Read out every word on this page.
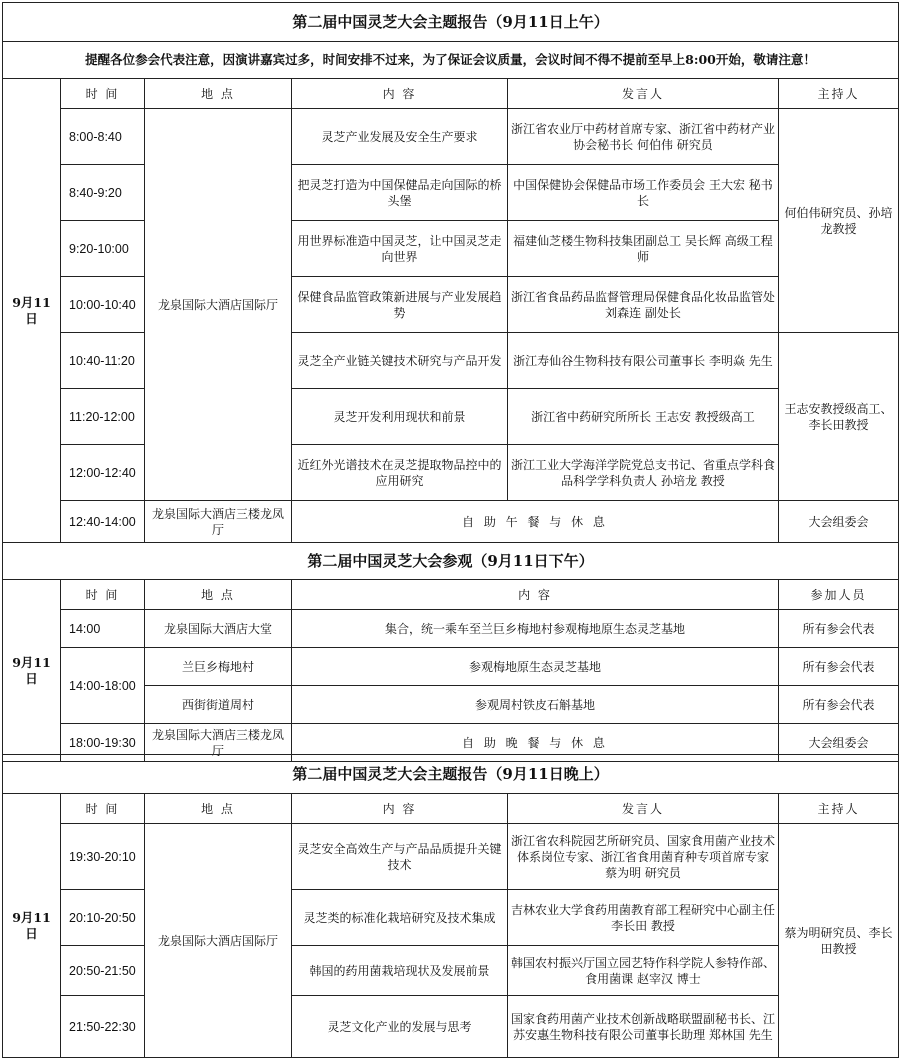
第二届中国灵芝大会主题报告（9月11日上午）					
提醒各位参会代表注意，因演讲嘉宾过多，时间安排不过来，为了保证会议质量，会议时间不得不提前至早上8:00开始，敬请注意！					
9月11日	时 间	地 点	内 容	发言人	主持人
	8:00-8:40	龙泉国际大酒店国际厅	灵芝产业发展及安全生产要求	浙江省农业厅中药材首席专家、浙江省中药材产业协会秘书长 何伯伟 研究员	何伯伟研究员、孙培龙教授
	8:40-9:20		把灵芝打造为中国保健品走向国际的桥头堡	中国保健协会保健品市场工作委员会 王大宏 秘书长	
	9:20-10:00		用世界标准造中国灵芝，让中国灵芝走向世界	福建仙芝楼生物科技集团副总工 吴长辉 高级工程师	
	10:00-10:40		保健食品监管政策新进展与产业发展趋势	浙江省食品药品监督管理局保健食品化妆品监管处 刘森连 副处长	
	10:40-11:20		灵芝全产业链关键技术研究与产品开发	浙江寿仙谷生物科技有限公司董事长 李明焱 先生	王志安教授级高工、李长田教授
	11:20-12:00		灵芝开发利用现状和前景	浙江省中药研究所所长 王志安 教授级高工	
	12:00-12:40		近红外光谱技术在灵芝提取物品控中的应用研究	浙江工业大学海洋学院党总支书记、省重点学科食品科学学科负责人 孙培龙 教授	
	12:40-14:00	龙泉国际大酒店三楼龙凤厅	自 助 午 餐 与 休 息		大会组委会
第二届中国灵芝大会参观（9月11日下午）				
9月11日	时 间	地 点	内 容	参加人员
	14:00	龙泉国际大酒店大堂	集合，统一乘车至兰巨乡梅地村参观梅地原生态灵芝基地	所有参会代表
	14:00-18:00	兰巨乡梅地村	参观梅地原生态灵芝基地	所有参会代表
		西街街道周村	参观周村铁皮石斛基地	所有参会代表
	18:00-19:30	龙泉国际大酒店三楼龙凤厅	自 助 晚 餐 与 休 息	大会组委会
第二届中国灵芝大会主题报告（9月11日晚上）					
9月11日	时 间	地 点	内 容	发言人	主持人
	19:30-20:10	龙泉国际大酒店国际厅	灵芝安全高效生产与产品品质提升关键技术	浙江省农科院园艺所研究员、国家食用菌产业技术体系岗位专家、浙江省食用菌育种专项首席专家 蔡为明 研究员	蔡为明研究员、李长田教授
	20:10-20:50		灵芝类的标准化栽培研究及技术集成	吉林农业大学食药用菌教育部工程研究中心副主任 李长田 教授	
	20:50-21:50		韩国的药用菌栽培现状及发展前景	韩国农村振兴厅国立园艺特作科学院人参特作部、食用菌课 赵宰汉 博士	
	21:50-22:30		灵芝文化产业的发展与思考	国家食药用菌产业技术创新战略联盟副秘书长、江苏安惠生物科技有限公司董事长助理 郑林国 先生	
